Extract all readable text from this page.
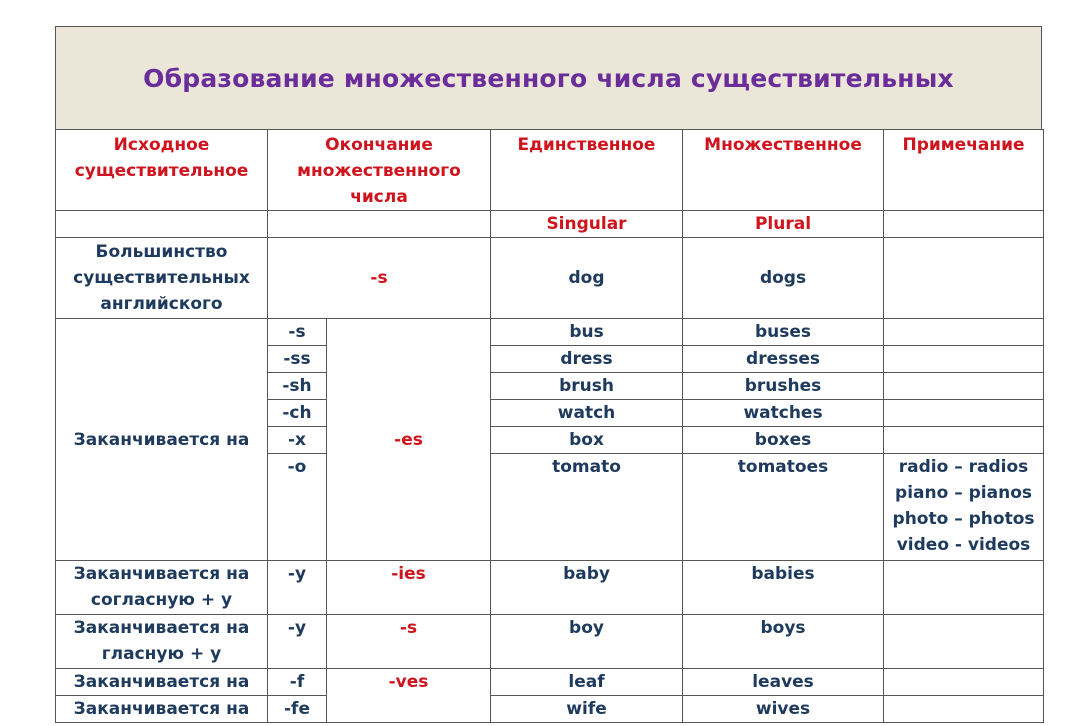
Образование множественного числа существительных
Исходное существительное	Окончание множественного числа		Единственное	Множественное	Примечание
			Singular	Plural	
Большинство существительных английского	-s		dog	dogs	
Заканчивается на	-s	-es	bus	buses	
	-ss		dress	dresses	
	-sh		brush	brushes	
	-ch		watch	watches	
	-x		box	boxes	
	-o		tomato	tomatoes	radio – radios
piano – pianos
photo – photos
video - videos

Заканчивается на согласную + y	-y	-ies	baby	babies	
Заканчивается на гласную + y	-y	-s	boy	boys	
Заканчивается на	-f	-ves	leaf	leaves	
Заканчивается на	-fe		wife	wives	
